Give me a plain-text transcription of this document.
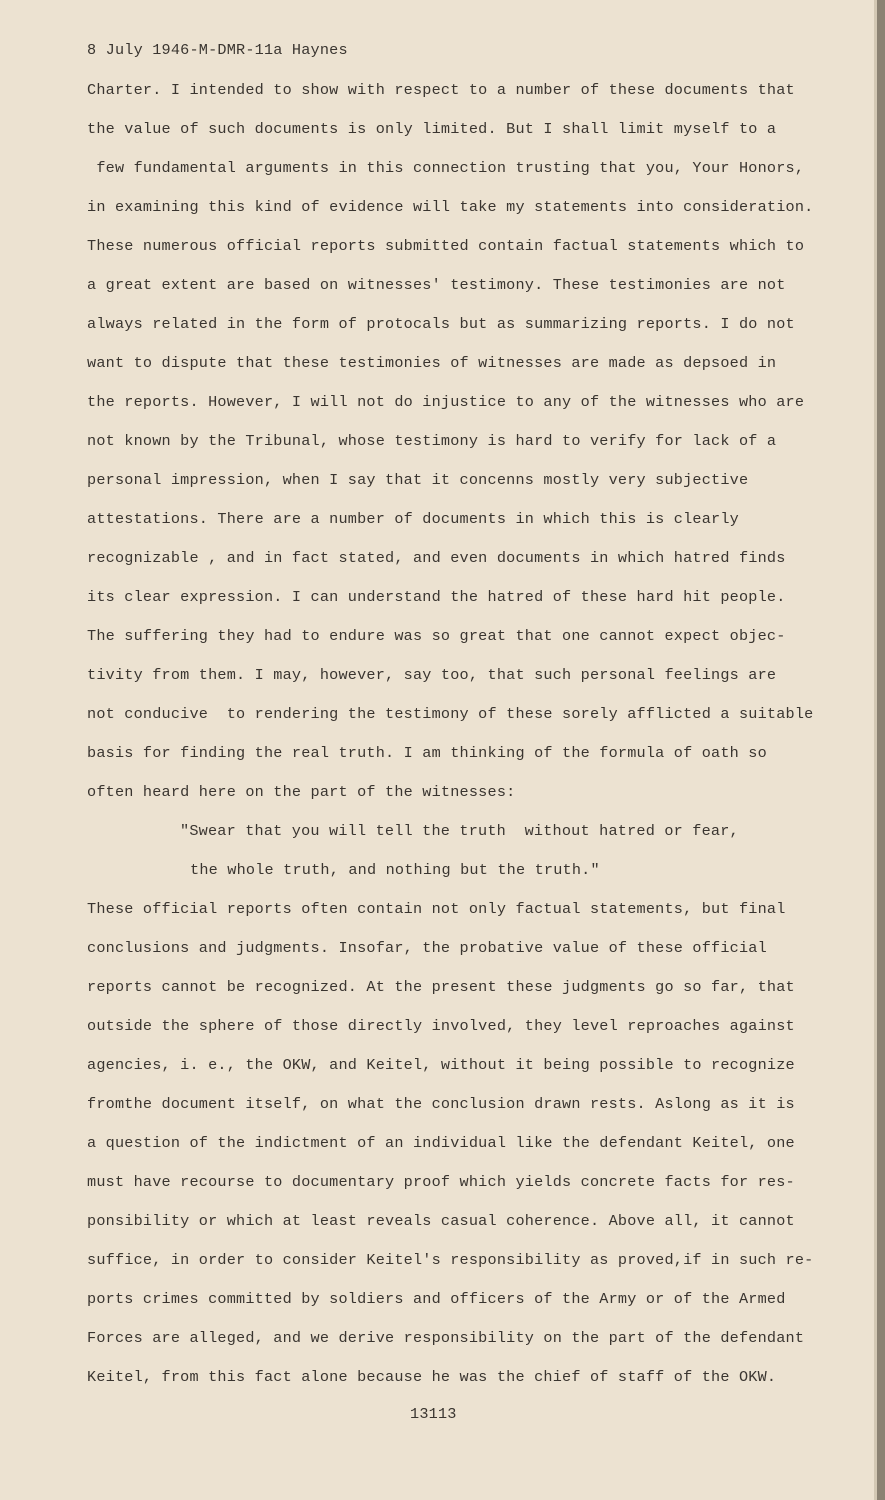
8 July 1946-M-DMR-11a Haynes
Charter. I intended to show with respect to a number of these documents that
the value of such documents is only limited. But I shall limit myself to a
few fundamental arguments in this connection trusting that you, Your Honors,
in examining this kind of evidence will take my statements into consideration.
These numerous official reports submitted contain factual statements which to
a great extent are based on witnesses' testimony. These testimonies are not
always related in the form of protocals but as summarizing reports. I do not
want to dispute that these testimonies of witnesses are made as depsoed in
the reports. However, I will not do injustice to any of the witnesses who are
not known by the Tribunal, whose testimony is hard to verify for lack of a
personal impression, when I say that it concenns mostly very subjective
attestations. There are a number of documents in which this is clearly
recognizable , and in fact stated, and even documents in which hatred finds
its clear expression. I can understand the hatred of these hard hit people.
The suffering they had to endure was so great that one cannot expect objec-
tivity from them. I may, however, say too, that such personal feelings are
not conducive  to rendering the testimony of these sorely afflicted a suitable
basis for finding the real truth. I am thinking of the formula of oath so
often heard here on the part of the witnesses:
"Swear that you will tell the truth  without hatred or fear,
the whole truth, and nothing but the truth."
These official reports often contain not only factual statements, but final
conclusions and judgments. Insofar, the probative value of these official
reports cannot be recognized. At the present these judgments go so far, that
outside the sphere of those directly involved, they level reproaches against
agencies, i. e., the OKW, and Keitel, without it being possible to recognize
fromthe document itself, on what the conclusion drawn rests. Aslong as it is
a question of the indictment of an individual like the defendant Keitel, one
must have recourse to documentary proof which yields concrete facts for res-
ponsibility or which at least reveals casual coherence. Above all, it cannot
suffice, in order to consider Keitel's responsibility as proved,if in such re-
ports crimes committed by soldiers and officers of the Army or of the Armed
Forces are alleged, and we derive responsibility on the part of the defendant
Keitel, from this fact alone because he was the chief of staff of the OKW.
13113
